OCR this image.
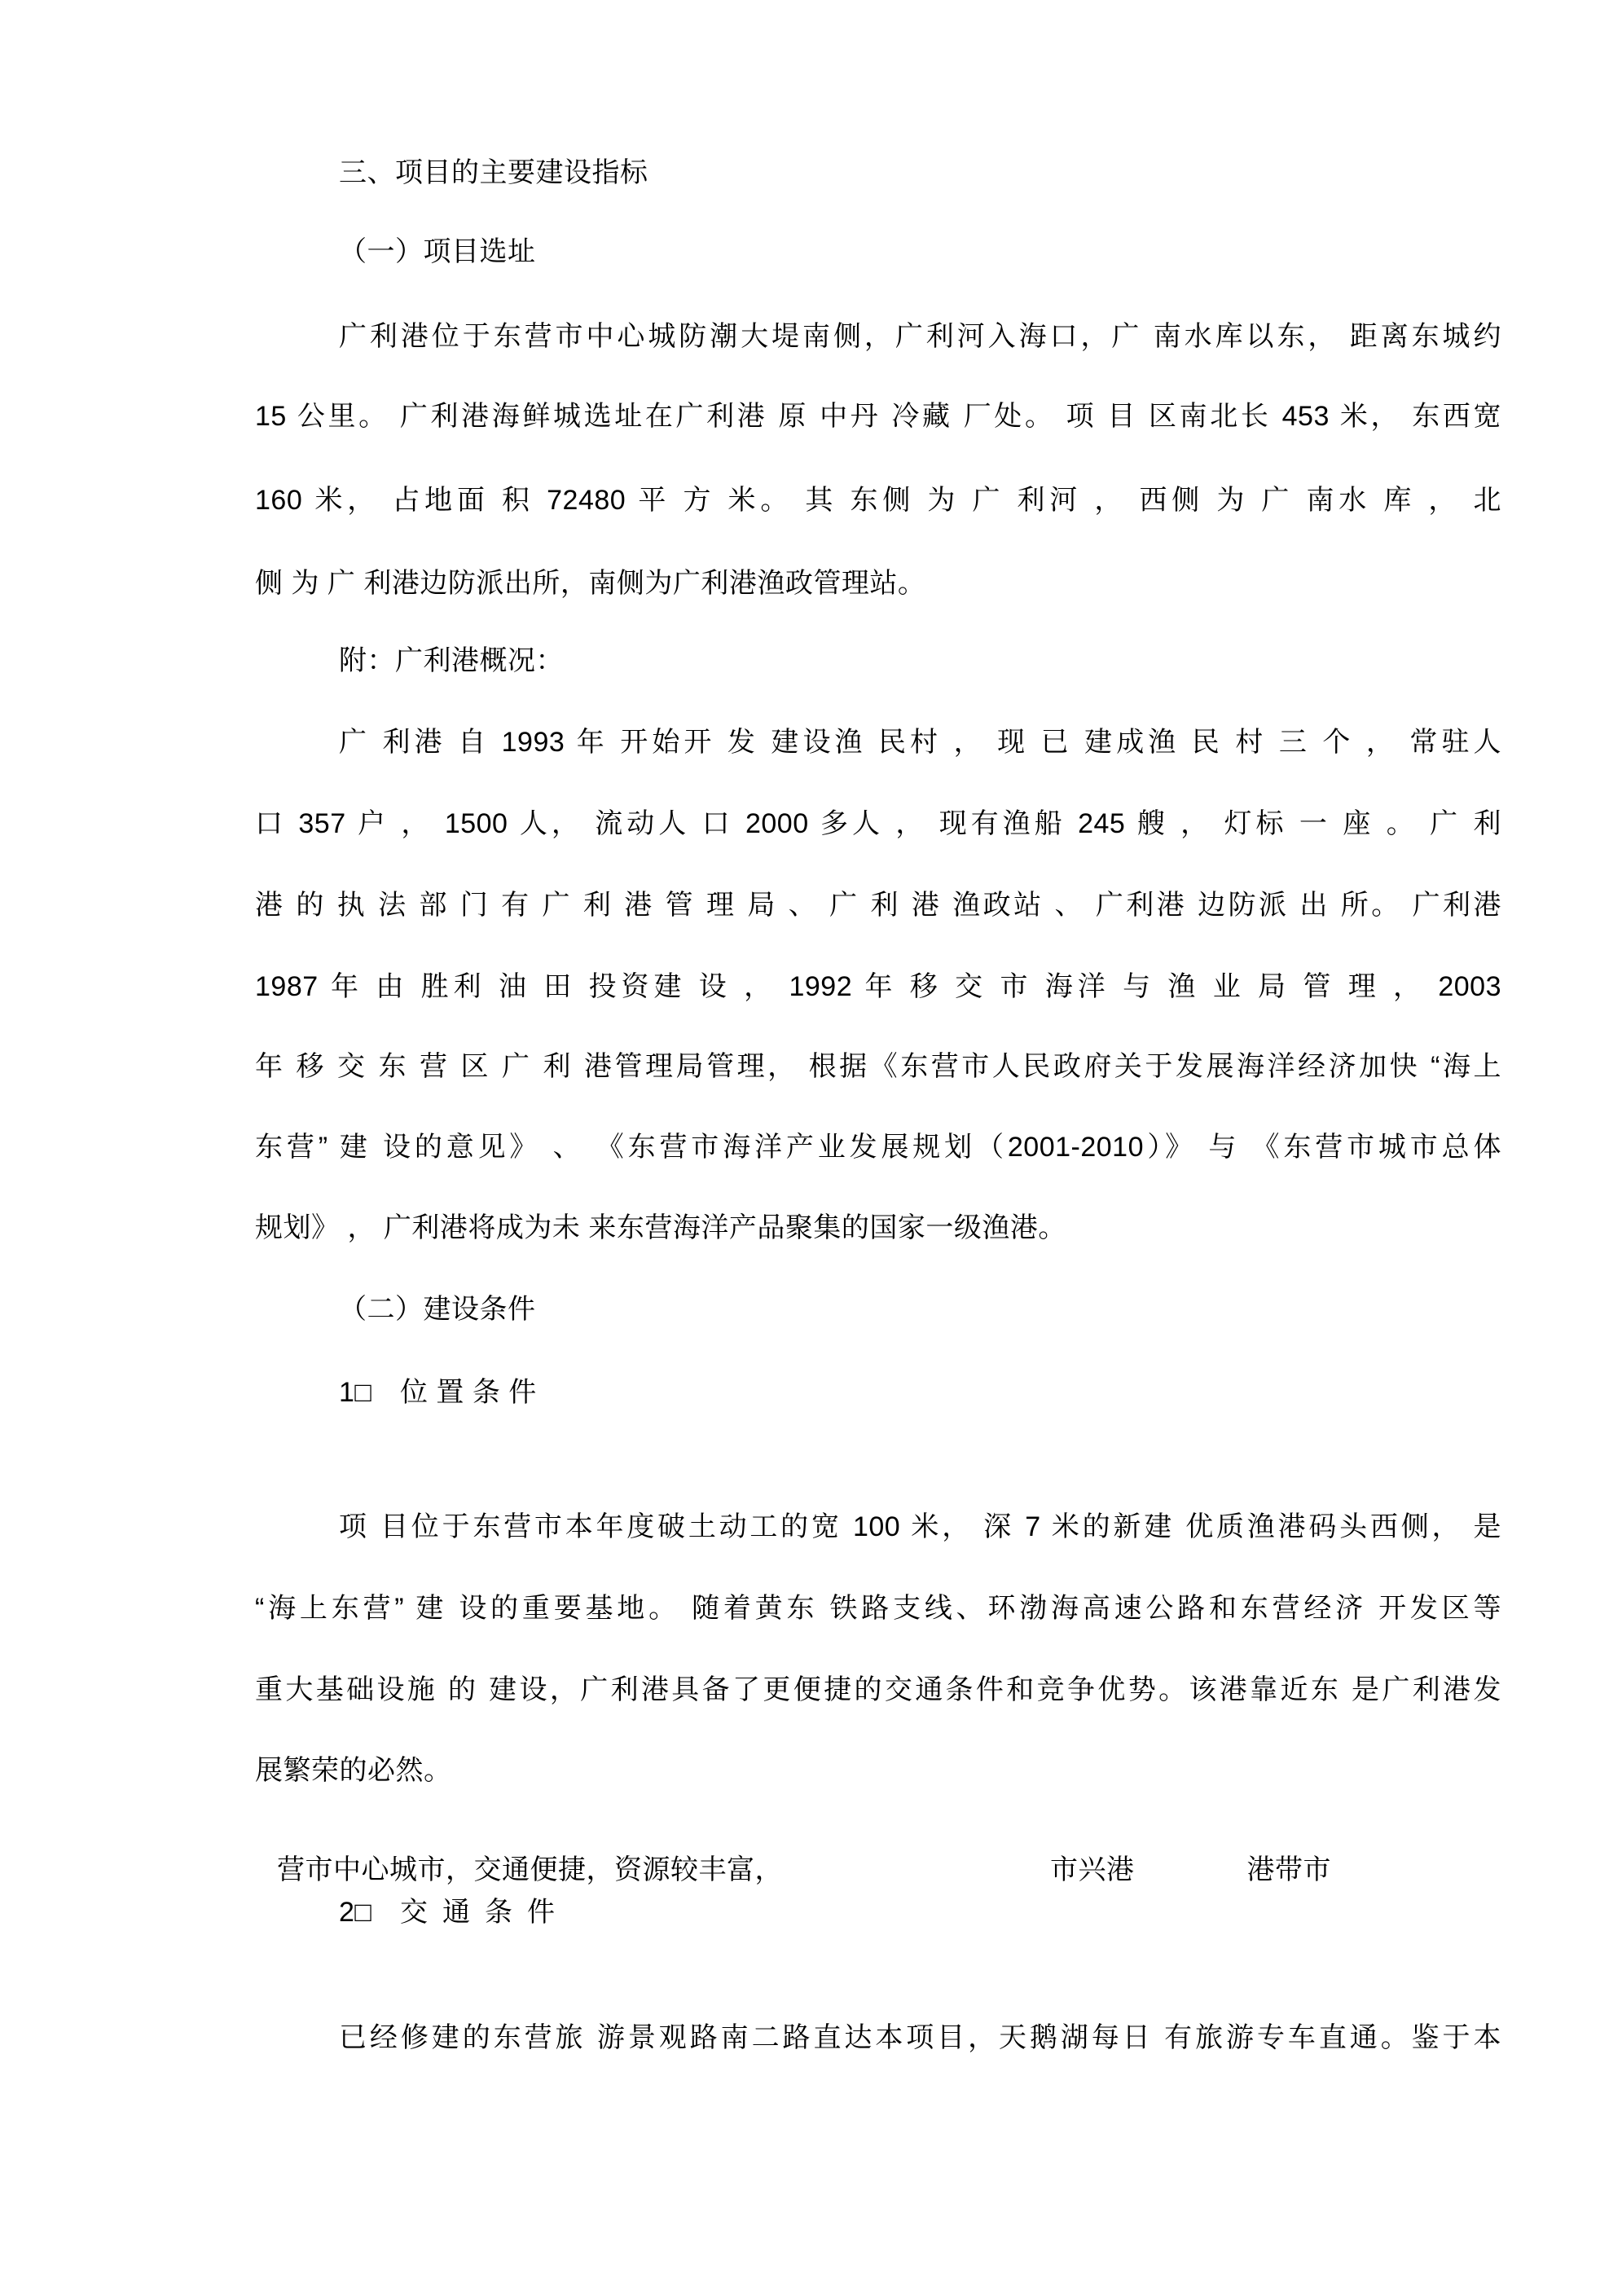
三、项目的主要建设指标
（一）项目选址
广利港位于东营市中心城防潮大堤南侧，广利河入海口，广 南水库以东， 距离东城约
15 公里。 广利港海鲜城选址在广利港 原 中丹 冷藏 厂处。 项 目 区南北长 453 米， 东西宽
160 米， 占地面 积 72480 平 方 米。 其 东侧 为 广 利河 ， 西侧 为 广 南水 库 ， 北
侧 为 广 利港边防派出所，南侧为广利港渔政管理站。
附：广利港概况：
广 利港 自 1993 年 开始开 发 建设渔 民村 ， 现 已 建成渔 民 村 三 个 ， 常驻人
口 357 户 ， 1500 人， 流动人 口 2000 多人 ， 现有渔船 245 艘 ， 灯标 一 座 。 广 利
港 的 执 法 部 门 有 广 利 港 管 理 局 、 广 利 港 渔政站 、 广利港 边防派 出 所。 广利港
1987 年 由 胜利 油 田 投资建 设 ， 1992 年 移 交 市 海洋 与 渔 业 局 管 理 ， 2003
年 移 交 东 营 区 广 利 港管理局管理， 根据《东营市人民政府关于发展海洋经济加快 “海上
东营” 建 设的意见》 、 《东营市海洋产业发展规划（2001-2010）》 与 《东营市城市总体
规划》 ， 广利港将成为未 来东营海洋产品聚集的国家一级渔港。
（二）建设条件
1□　位 置 条 件
项 目位于东营市本年度破土动工的宽 100 米， 深 7 米的新建 优质渔港码头西侧， 是
“海上东营” 建 设的重要基地。 随着黄东 铁路支线、环渤海高速公路和东营经济 开发区等
重大基础设施 的 建设，广利港具备了更便捷的交通条件和竞争优势。该港靠近东 是广利港发
展繁荣的必然。
营市中心城市，交通便捷，资源较丰富，　　　　　　　　　　市兴港　　　　港带市
2□　交 通 条 件
已经修建的东营旅 游景观路南二路直达本项目，天鹅湖每日 有旅游专车直通。鉴于本
